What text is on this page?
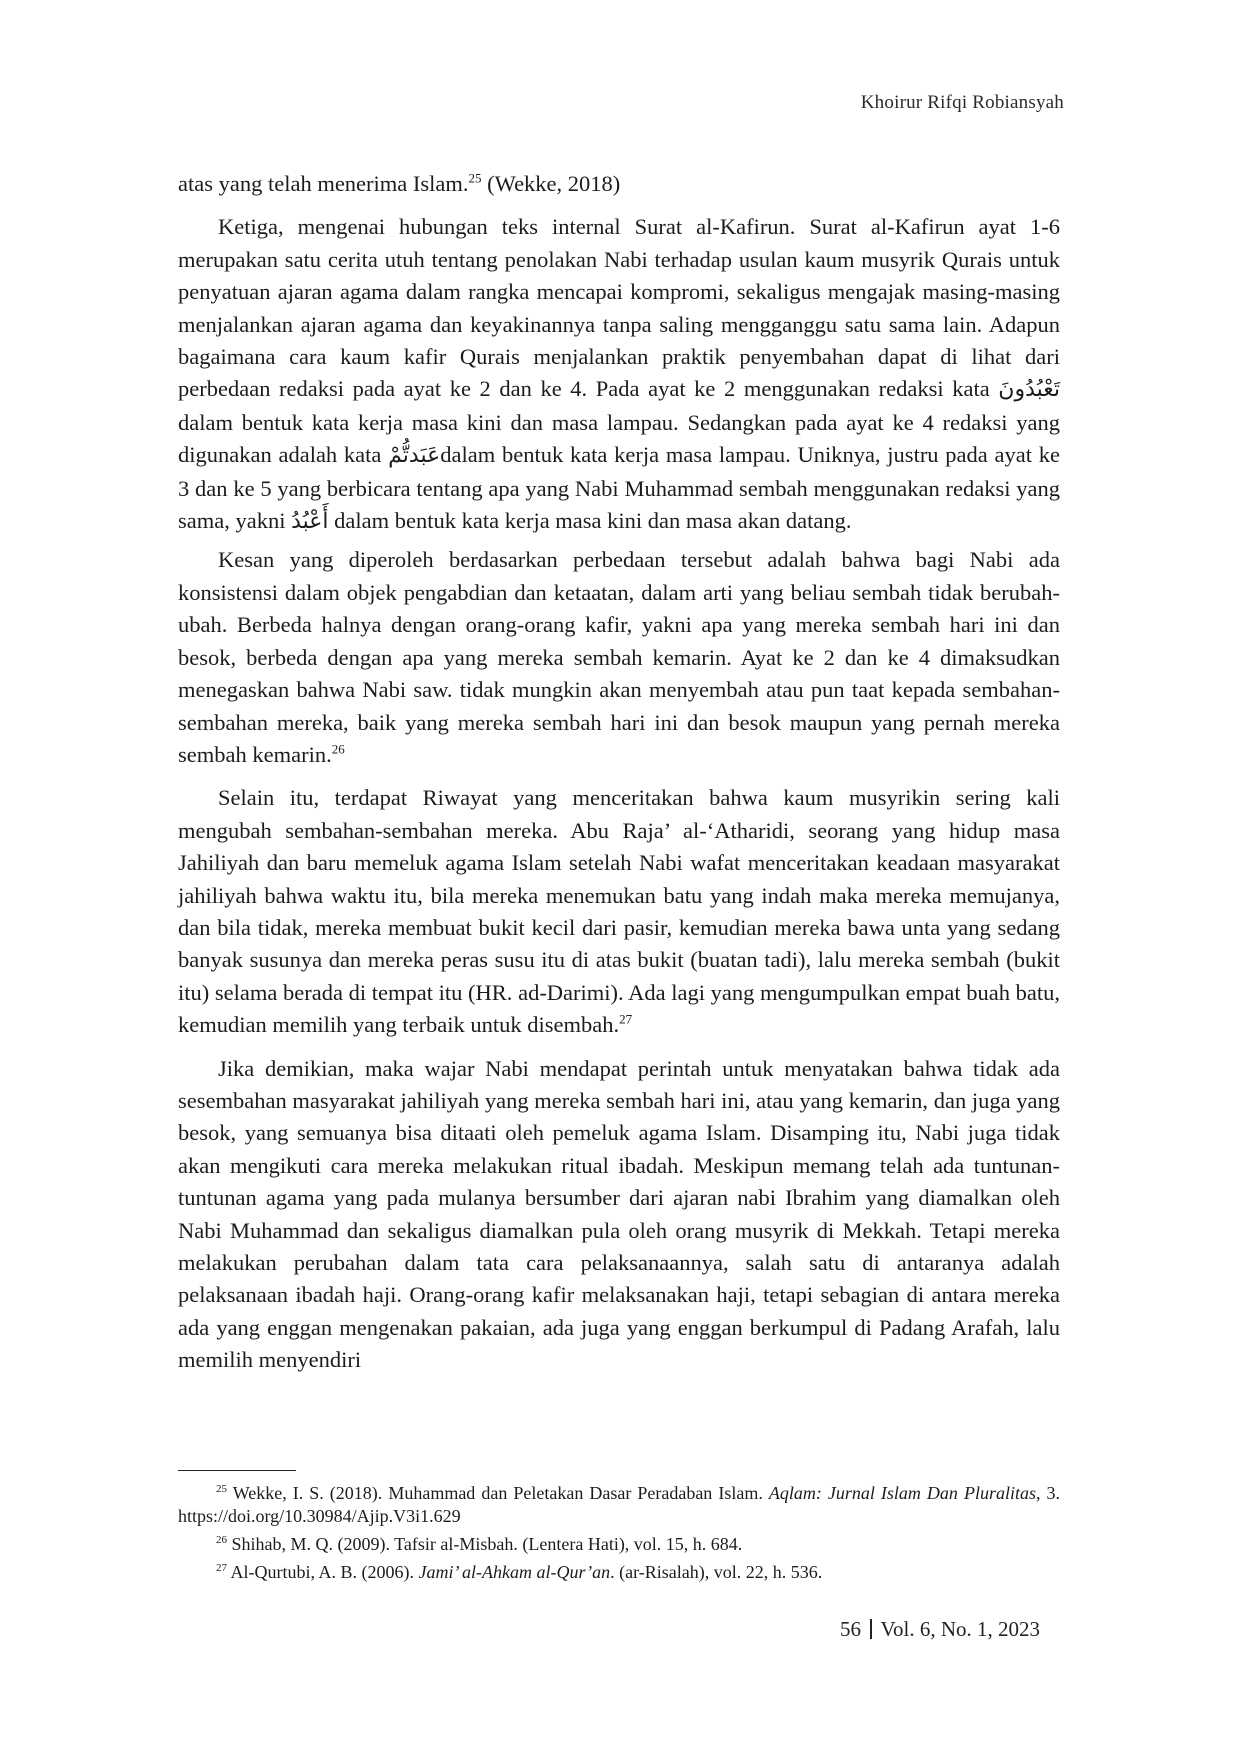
Khoirur Rifqi Robiansyah

atas yang telah menerima Islam.$^{25}$ (Wekke, 2018)

Ketiga, mengenai hubungan teks internal Surat al-Kafirun. Surat al-Kafirun ayat 1-6 merupakan satu cerita utuh tentang penolakan Nabi terhadap usulan kaum musyrik Qurais untuk penyatuan ajaran agama dalam rangka mencapai kompromi, sekaligus mengajak masing-masing menjalankan ajaran agama dan keyakinannya tanpa saling mengganggu satu sama lain. Adapun bagaimana cara kaum kafir Qurais menjalankan praktik penyembahan dapat di lihat dari perbedaan redaksi pada ayat ke 2 dan ke 4. Pada ayat ke 2 menggunakan redaksi kata تَعْبُدُونَ dalam bentuk kata kerja masa kini dan masa lampau. Sedangkan pada ayat ke 4 redaksi yang digunakan adalah kata عَبَدتُّمْdalam bentuk kata kerja masa lampau. Uniknya, justru pada ayat ke 3 dan ke 5 yang berbicara tentang apa yang Nabi Muhammad sembah menggunakan redaksi yang sama, yakni أَعْبُدُ dalam bentuk kata kerja masa kini dan masa akan datang.

Kesan yang diperoleh berdasarkan perbedaan tersebut adalah bahwa bagi Nabi ada konsistensi dalam objek pengabdian dan ketaatan, dalam arti yang beliau sembah tidak berubah-ubah. Berbeda halnya dengan orang-orang kafir, yakni apa yang mereka sembah hari ini dan besok, berbeda dengan apa yang mereka sembah kemarin. Ayat ke 2 dan ke 4 dimaksudkan menegaskan bahwa Nabi saw. tidak mungkin akan menyembah atau pun taat kepada sembahan-sembahan mereka, baik yang mereka sembah hari ini dan besok maupun yang pernah mereka sembah kemarin.$^{26}$

Selain itu, terdapat Riwayat yang menceritakan bahwa kaum musyrikin sering kali mengubah sembahan-sembahan mereka. Abu Raja’ al-‘Atharidi, seorang yang hidup masa Jahiliyah dan baru memeluk agama Islam setelah Nabi wafat menceritakan keadaan masyarakat jahiliyah bahwa waktu itu, bila mereka menemukan batu yang indah maka mereka memujanya, dan bila tidak, mereka membuat bukit kecil dari pasir, kemudian mereka bawa unta yang sedang banyak susunya dan mereka peras susu itu di atas bukit (buatan tadi), lalu mereka sembah (bukit itu) selama berada di tempat itu (HR. ad-Darimi). Ada lagi yang mengumpulkan empat buah batu, kemudian memilih yang terbaik untuk disembah.$^{27}$

Jika demikian, maka wajar Nabi mendapat perintah untuk menyatakan bahwa tidak ada sesembahan masyarakat jahiliyah yang mereka sembah hari ini, atau yang kemarin, dan juga yang besok, yang semuanya bisa ditaati oleh pemeluk agama Islam. Disamping itu, Nabi juga tidak akan mengikuti cara mereka melakukan ritual ibadah. Meskipun memang telah ada tuntunan-tuntunan agama yang pada mulanya bersumber dari ajaran nabi Ibrahim yang diamalkan oleh Nabi Muhammad dan sekaligus diamalkan pula oleh orang musyrik di Mekkah. Tetapi mereka melakukan perubahan dalam tata cara pelaksanaannya, salah satu di antaranya adalah pelaksanaan ibadah haji. Orang-orang kafir melaksanakan haji, tetapi sebagian di antara mereka ada yang enggan mengenakan pakaian, ada juga yang enggan berkumpul di Padang Arafah, lalu memilih menyendiri

$^{25}$ Wekke, I. S. (2018). Muhammad dan Peletakan Dasar Peradaban Islam. Aqlam: Jurnal Islam Dan Pluralitas, 3. https://doi.org/10.30984/Ajip.V3i1.629

$^{26}$ Shihab, M. Q. (2009). Tafsir al-Misbah. (Lentera Hati), vol. 15, h. 684.

$^{27}$ Al-Qurtubi, A. B. (2006). Jami’ al-Ahkam al-Qur’an. (ar-Risalah), vol. 22, h. 536.

56 Vol. 6, No. 1, 2023
